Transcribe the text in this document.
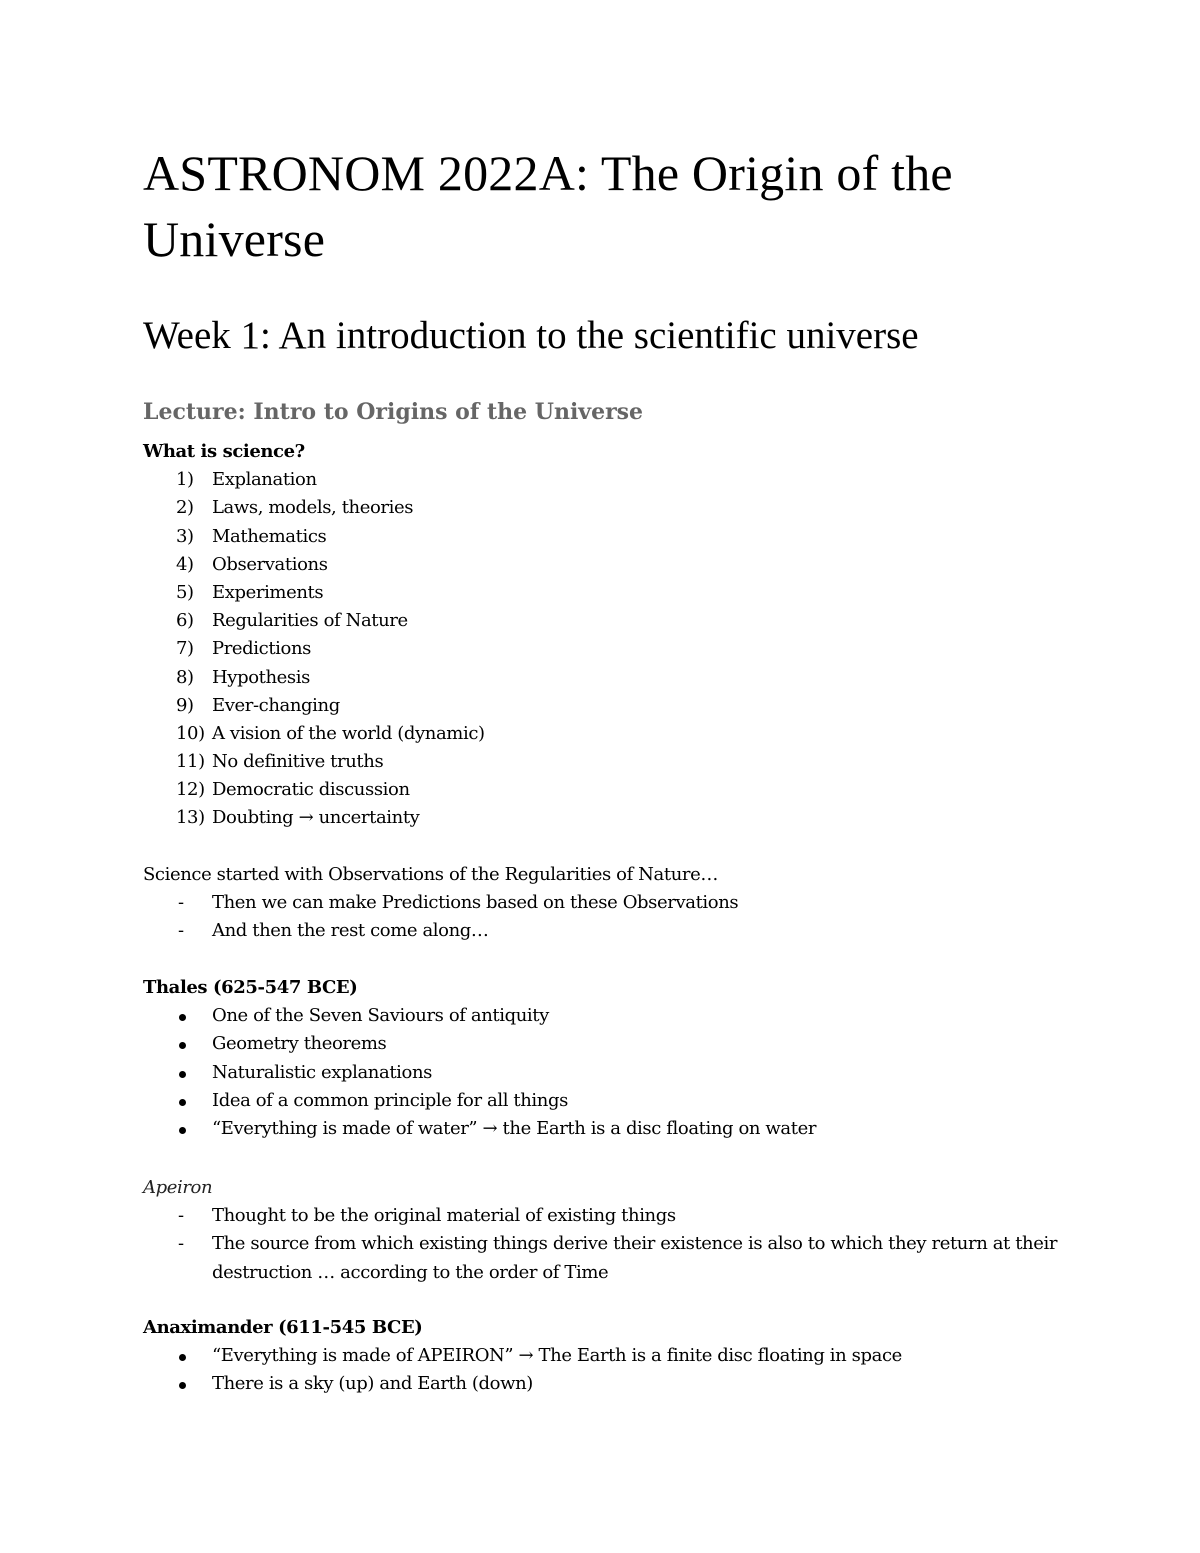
ASTRONOM 2022A: The Origin of the Universe
Week 1: An introduction to the scientific universe
Lecture: Intro to Origins of the Universe
What is science?
1) Explanation
2) Laws, models, theories
3) Mathematics
4) Observations
5) Experiments
6) Regularities of Nature
7) Predictions
8) Hypothesis
9) Ever-changing
10) A vision of the world (dynamic)
11) No definitive truths
12) Democratic discussion
13) Doubting → uncertainty
Science started with Observations of the Regularities of Nature…
- Then we can make Predictions based on these Observations
- And then the rest come along…
Thales (625-547 BCE)
One of the Seven Saviours of antiquity
Geometry theorems
Naturalistic explanations
Idea of a common principle for all things
“Everything is made of water” → the Earth is a disc floating on water
Apeiron
- Thought to be the original material of existing things
- The source from which existing things derive their existence is also to which they return at their destruction … according to the order of Time
Anaximander (611-545 BCE)
“Everything is made of APEIRON” → The Earth is a finite disc floating in space
There is a sky (up) and Earth (down)
